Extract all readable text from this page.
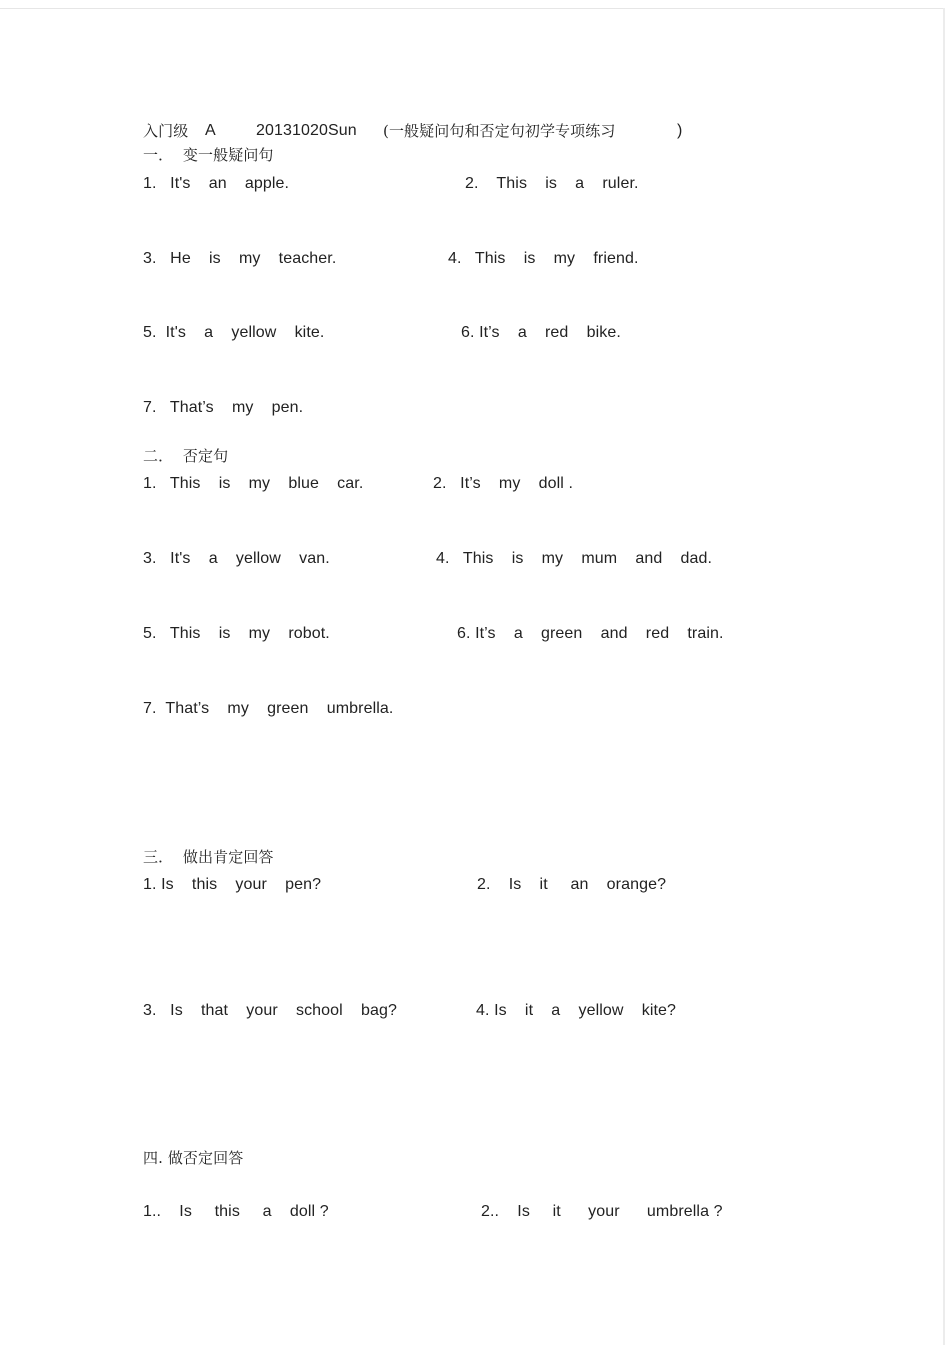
入门级 A	20131020Sun (一般疑问句和否定句初学专项练习	)
一．  变一般疑问句
1.   It's    an    apple.	2.    This    is    a    ruler.
3.   He    is    my    teacher.	4.   This    is    my    friend.
5.  It's    a    yellow    kite.	6. It’s    a    red    bike.
7.   That’s    my    pen.
二．  否定句
1.   This    is    my    blue    car.	2.   It’s    my    doll .
3.   It's    a    yellow    van.	4.   This    is    my    mum    and    dad.
5.   This    is    my    robot.	6. It’s    a    green    and    red    train.
7.  That’s    my    green    umbrella.
三．  做出肯定回答
1. Is    this    your    pen?	2.    Is    it     an    orange?
3.   Is    that    your    school    bag?	4. Is    it    a    yellow    kite?
四. 做否定回答
1..    Is     this     a    doll ?	2..    Is     it      your      umbrella ?
